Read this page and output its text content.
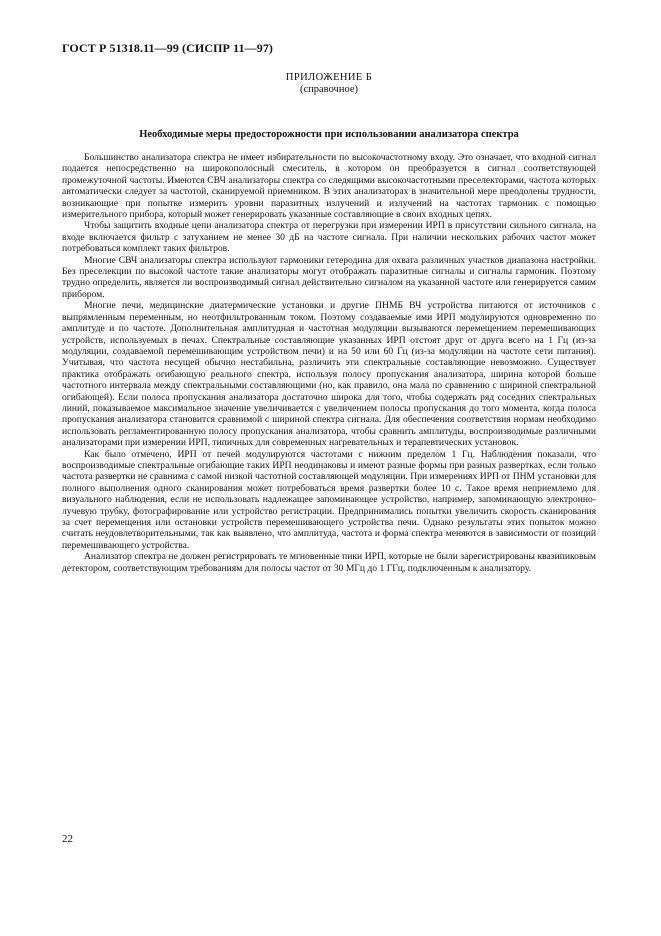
ГОСТ Р 51318.11—99 (СИСПР 11—97)
ПРИЛОЖЕНИЕ Б
(справочное)
Необходимые меры предосторожности при использовании анализатора спектра

Большинство анализатора спектра не имеет избирательности по высокочастотному входу. Это означает, что входной сигнал подается непосредственно на широкополосный смеситель, в котором он преобразуется в сигнал соответствующей промежуточной частоты. Имеются СВЧ анализаторы спектра со следящими высокочастотными преселекторами, частота которых автоматически следует за частотой, сканируемой приемником. В этих анализаторах в значительной мере преодолены трудности, возникающие при попытке измерить уровни паразитных излучений и излучений на частотах гармоник с помощью измерительного прибора, который может генерировать указанные составляющие в своих входных цепях.

Чтобы защитить входные цепи анализатора спектра от перегрузки при измерении ИРП в присутствии сильного сигнала, на входе включается фильтр с затуханием не менее 30 дБ на частоте сигнала. При наличии нескольких рабочих частот может потребоваться комплект таких фильтров.

Многие СВЧ анализаторы спектра используют гармоники гетеродина для охвата различных участков диапазона настройки. Без преселекции по высокой частоте такие анализаторы могут отображать паразитные сигналы и сигналы гармоник. Поэтому трудно определить, является ли воспроизводимый сигнал действительно сигналом на указанной частоте или генерируется самим прибором.

Многие печи, медицинские диатермические установки и другие ПНМБ ВЧ устройства питаются от источников с выпрямленным переменным, но неотфильтрованным током. Поэтому создаваемые ими ИРП модулируются одновременно по амплитуде и по частоте. Дополнительная амплитудная и частотная модуляции вызываются перемещением перемешивающих устройств, используемых в печах. Спектральные составляющие указанных ИРП отстоят друг от друга всего на 1 Гц (из-за модуляции, создаваемой перемешивающим устройством печи) и на 50 или 60 Гц (из-за модуляции на частоте сети питания). Учитывая, что частота несущей обычно нестабильна, различить эти спектральные составляющие невозможно. Существует практика отображать огибающую реального спектра, используя полосу пропускания анализатора, ширина которой больше частотного интервала между спектральными составляющими (но, как правило, она мала по сравнению с шириной спектральной огибающей). Если полоса пропускания анализатора достаточно широка для того, чтобы содержать ряд соседних спектральных линий, показываемое максимальное значение увеличивается с увеличением полосы пропускания до того момента, когда полоса пропускания анализатора становится сравнимой с шириной спектра сигнала. Для обеспечения соответствия нормам необходимо использовать регламентированную полосу пропускания анализатора, чтобы сравнить амплитуды, воспроизводимые различными анализаторами при измерении ИРП, типичных для современных нагревательных и терапевтических установок.

Как было отмечено, ИРП от печей модулируются частотами с нижним пределом 1 Гц. Наблюдения показали, что воспроизводимые спектральные огибающие таких ИРП неодинаковы и имеют разные формы при разных развертках, если только частота развертки не сравнима с самой низкой частотной составляющей модуляции. При измерениях ИРП от ПНМ установки для полного выполнения одного сканирования может потребоваться время развертки более 10 с. Такое время неприемлемо для визуального наблюдения, если не использовать надлежащее запоминающее устройство, например, запоминающую электронно-лучевую трубку, фотографирование или устройство регистрации. Предпринимались попытки увеличить скорость сканирования за счет перемещения или остановки устройств перемешивающего устройства печи. Однако результаты этих попыток можно считать неудовлетворительными, так как выявлено, что амплитуда, частота и форма спектра меняются в зависимости от позиций перемешивающего устройства.

Анализатор спектра не должен регистрировать те мгновенные пики ИРП, которые не были зарегистрированы квазипиковым детектором, соответствующим требованиям для полосы частот от 30 МГц до 1 ГГц, подключенным к анализатору.

22
